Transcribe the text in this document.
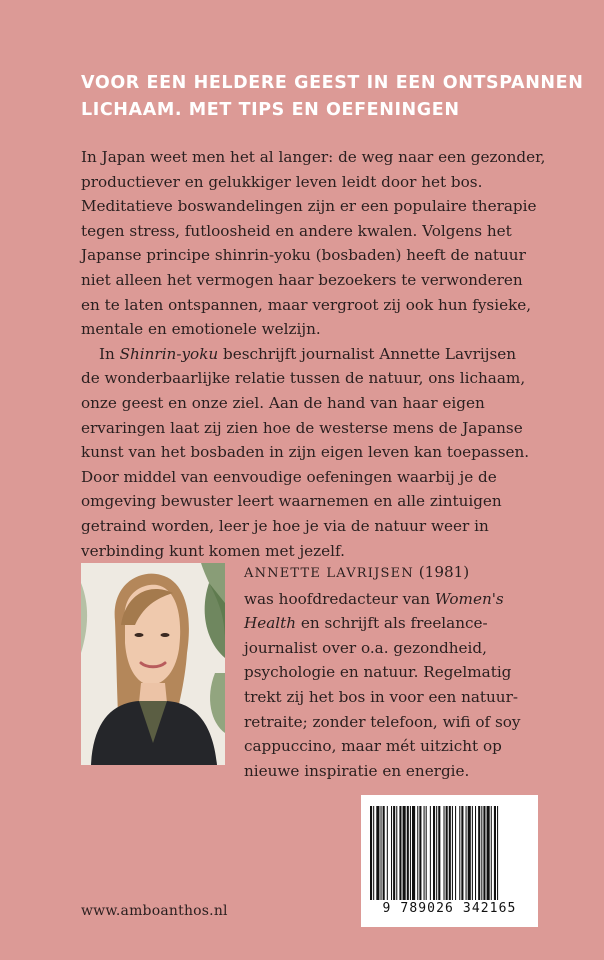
VOOR EEN HELDERE GEEST IN EEN ONTSPANNEN
LICHAAM. MET TIPS EN OEFENINGEN
In Japan weet men het al langer: de weg naar een gezonder,
productiever en gelukkiger leven leidt door het bos.
Meditatieve boswandelingen zijn er een populaire therapie
tegen stress, futloosheid en andere kwalen. Volgens het
Japanse principe shinrin-yoku (bosbaden) heeft de natuur
niet alleen het vermogen haar bezoekers te verwonderen
en te laten ontspannen, maar vergroot zij ook hun fysieke,
mentale en emotionele welzijn.
In Shinrin-yoku beschrijft journalist Annette Lavrijsen
de wonderbaarlijke relatie tussen de natuur, ons lichaam,
onze geest en onze ziel. Aan de hand van haar eigen
ervaringen laat zij zien hoe de westerse mens de Japanse
kunst van het bosbaden in zijn eigen leven kan toepassen.
Door middel van eenvoudige oefeningen waarbij je de
omgeving bewuster leert waarnemen en alle zintuigen
getraind worden, leer je hoe je via de natuur weer in
verbinding kunt komen met jezelf.
ANNETTE LAVRIJSEN (1981)
was hoofdredacteur van Women's
Health en schrijft als freelance-
journalist over o.a. gezondheid,
psychologie en natuur. Regelmatig
trekt zij het bos in voor een natuur-
retraite; zonder telefoon, wifi of soy
cappuccino, maar mét uitzicht op
nieuwe inspiratie en energie.
9 789026 342165
www.amboanthos.nl
